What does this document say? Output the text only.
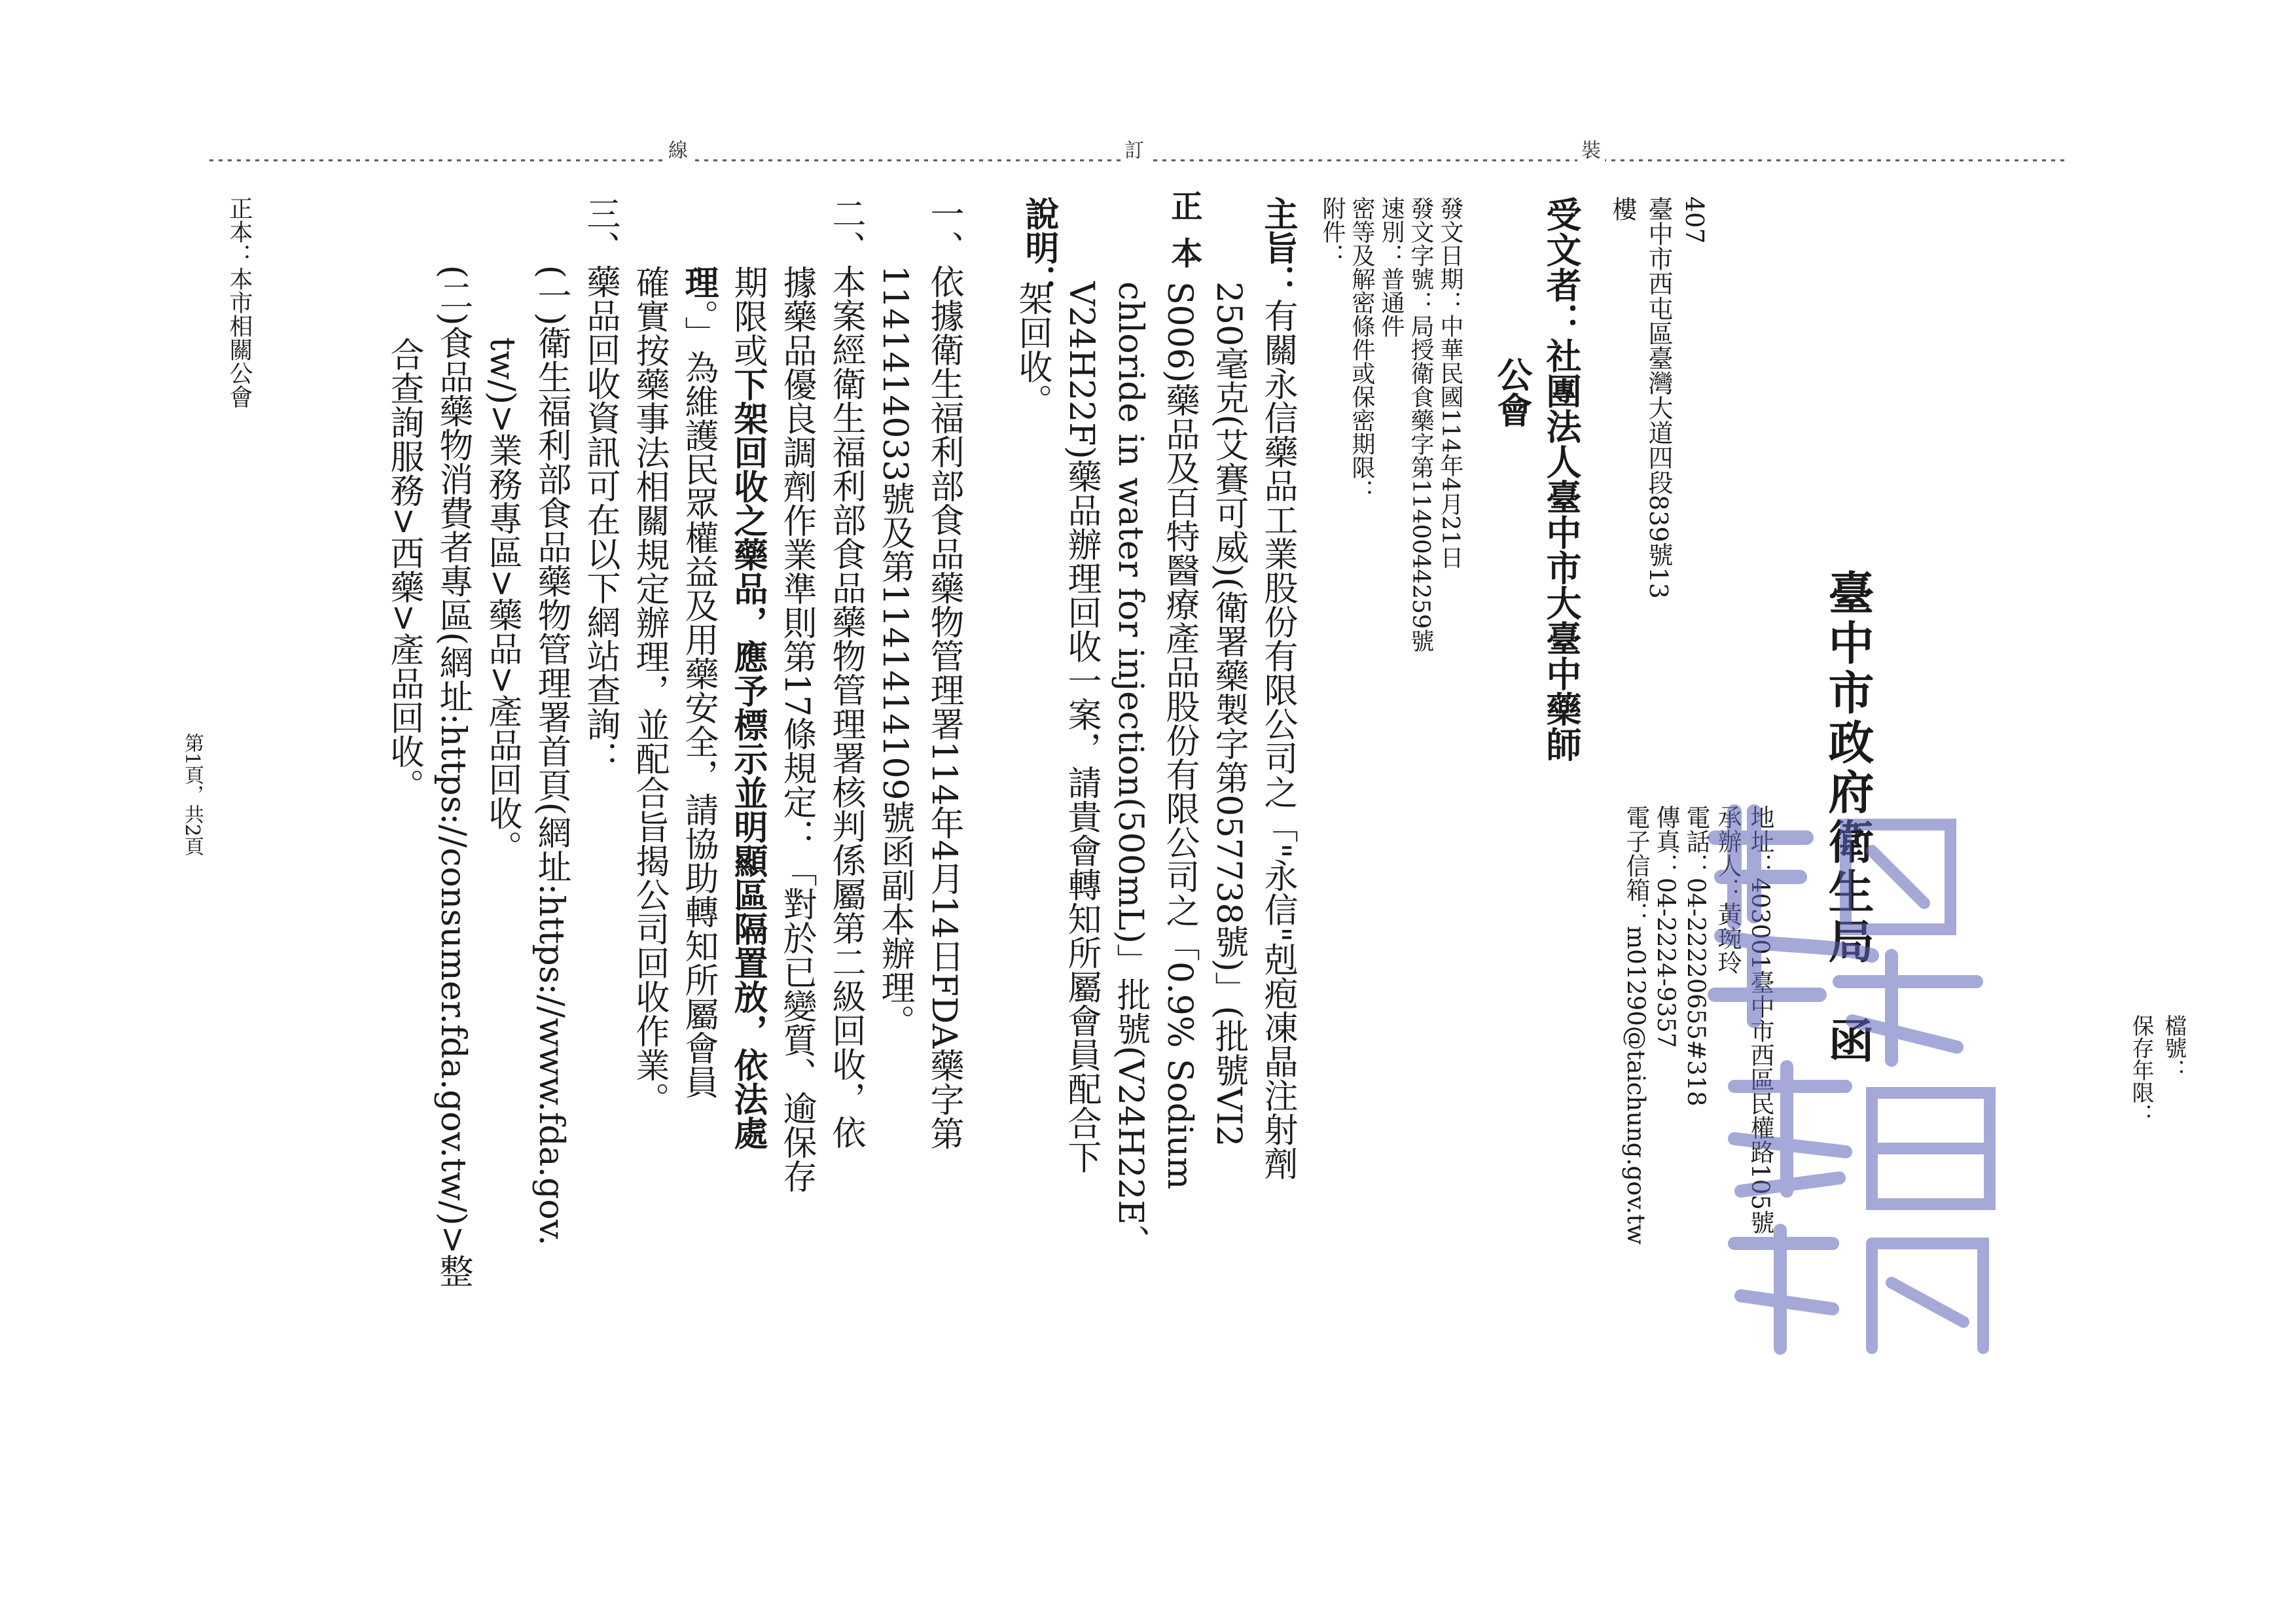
正本
檔號：
保存年限：
臺中市政府衛生局　函
裝
訂
線
407
臺中市西屯區臺灣大道四段839號13
樓
地址：403001臺中市西區民權路105號
承辦人：黃琬玲
電話：04-22220655#318
傳真：04-2224-9357
電子信箱：m01290@taichung.gov.tw
受文者：社團法人臺中市大臺中藥師
公會
發文日期：中華民國114年4月21日
發文字號：局授衛食藥字第1140044259號
速別：普通件
密等及解密條件或保密期限：
附件：
主旨：有關永信藥品工業股份有限公司之「"永信"剋疱凍晶注射劑
250毫克(艾賽可威)(衛署藥製字第057738號)」(批號VI2
S006)藥品及百特醫療產品股份有限公司之「0.9% Sodium
chloride in water for injection(500mL)」批號(V24H22E、
V24H22F)藥品辦理回收一案，請貴會轉知所屬會員配合下
架回收。
說明：
一、依據衛生福利部食品藥物管理署114年4月14日FDA藥字第
1141414033號及第1141414109號函副本辦理。
二、本案經衛生福利部食品藥物管理署核判係屬第二級回收，依
據藥品優良調劑作業準則第17條規定：「對於已變質、逾保存
期限或下架回收之藥品，應予標示並明顯區隔置放，依法處
理。」為維護民眾權益及用藥安全，請協助轉知所屬會員
確實按藥事法相關規定辦理，並配合旨揭公司回收作業。
三、藥品回收資訊可在以下網站查詢：
(一)衛生福利部食品藥物管理署首頁(網址:https://www.fda.gov.
tw/)>業務專區>藥品>產品回收。
(二)食品藥物消費者專區(網址:https://consumer.fda.gov.tw/)>整
合查詢服務>西藥>產品回收。
正本：本市相關公會
第1頁，共2頁
